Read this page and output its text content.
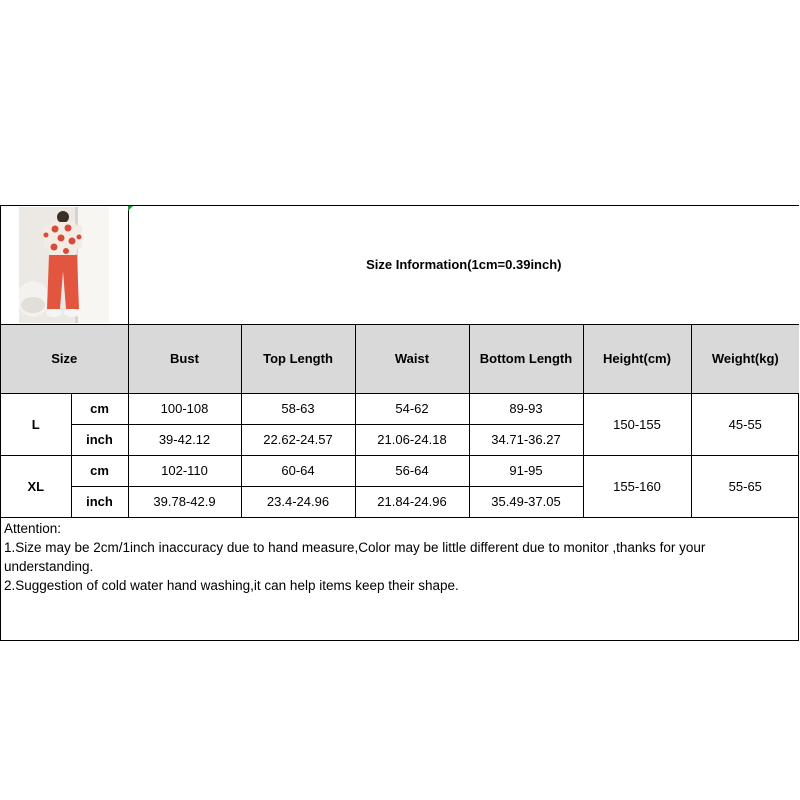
	Size Information(1cm=0.39inch)					
Size		Bust	Top Length	Waist	Bottom Length	Height(cm)	Weight(kg)
L	cm	100-108	58-63	54-62	89-93	150-155	45-55
	inch	39-42.12	22.62-24.57	21.06-24.18	34.71-36.27		
XL	cm	102-110	60-64	56-64	91-95	155-160	55-65
	inch	39.78-42.9	23.4-24.96	21.84-24.96	35.49-37.05		
Attention:
1.Size may be 2cm/1inch inaccuracy due to hand measure,Color may be little different due to monitor ,thanks for your understanding.
2.Suggestion of cold water hand washing,it can help items keep their shape.
